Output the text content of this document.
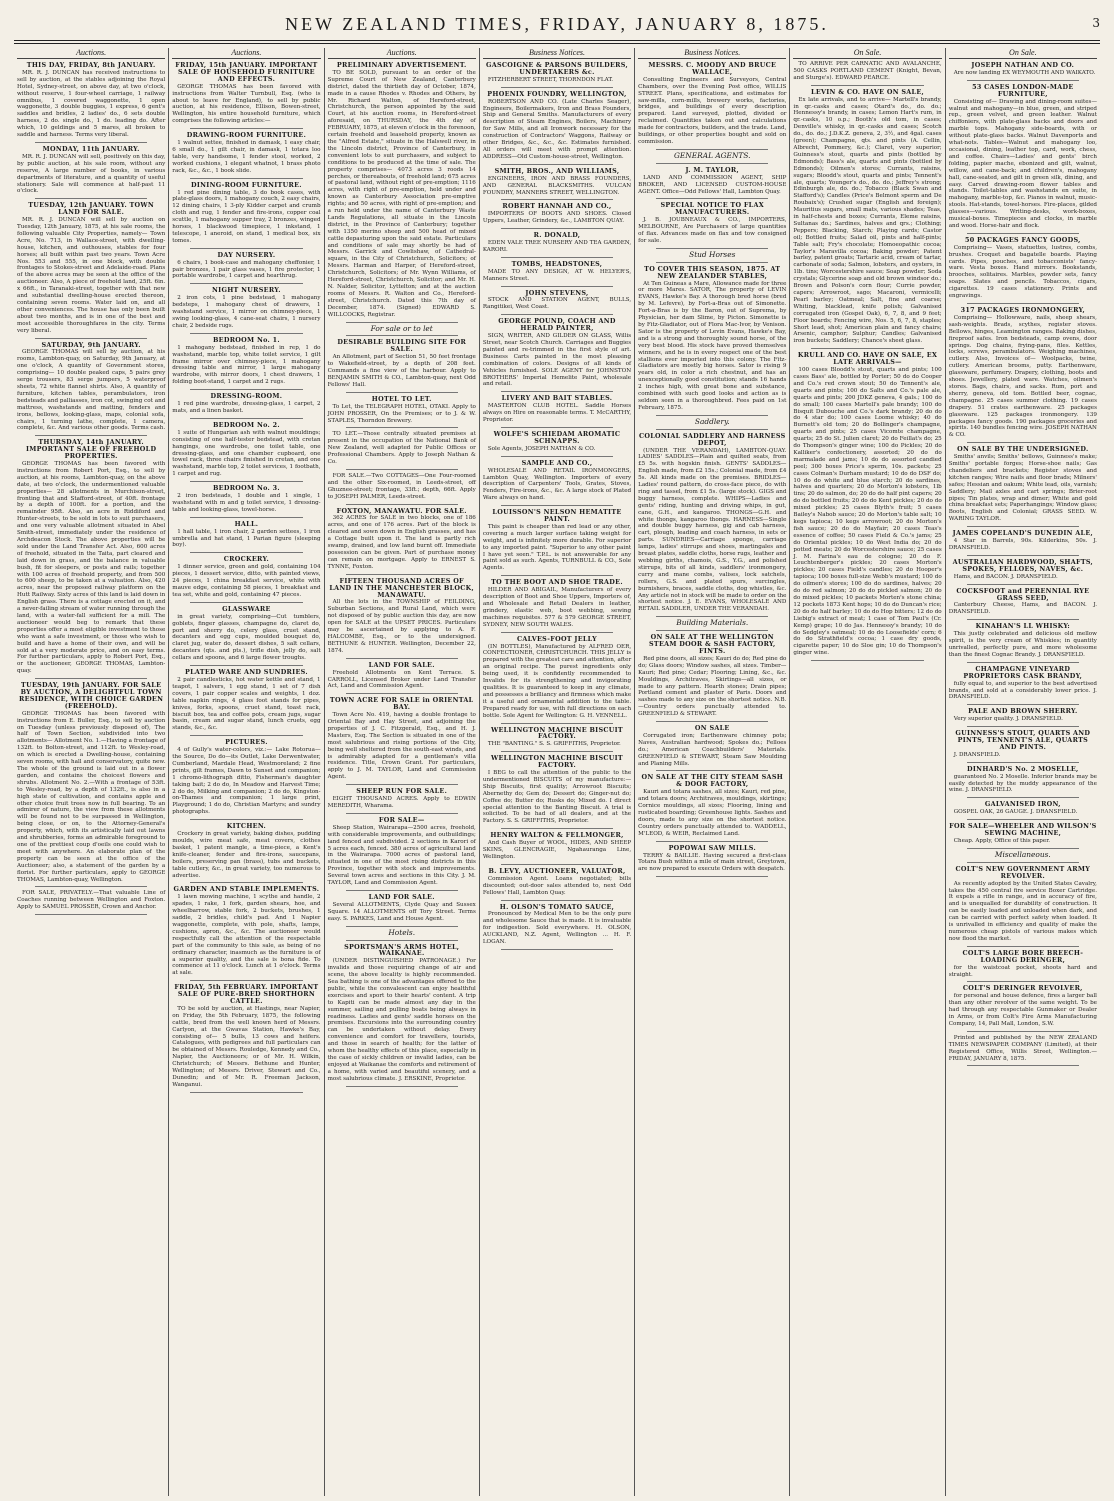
NEW ZEALAND TIMES, FRIDAY, JANUARY 8, 1875.	3
Auctions.
THIS DAY, FRIDAY, 8th JANUARY.
MR. R. J. DUNCAN has received instructions to sell by auction, at the stables adjoining the Royal Hotel, Sydney-street, on above day, at two o'clock, without reserve, 1 four-wheel carriage, 1 railway omnibus, 1 covered waggonette, 1 open waggonette, 3 double buggies, 1 express, 6 gent's saddles and bridles, 2 ladies' do., 6 sets double harness, 2 do. single do., 1 do. leading do. After which, 10 geldings and 5 mares, all broken to saddle and harness. Terms very liberal.
MONDAY, 11th JANUARY.
MR. R. J. DUNCAN will sell, positively on this day, by public auction, at his sale room, without any reserve, A large number of books, in various departments of literature, and a quantity of useful stationery. Sale will commence at half-past 11 o'clock.
TUESDAY, 12th JANUARY. TOWN LAND FOR SALE.
MR. R. J. DUNCAN will sell by auction on Tuesday, 12th January, 1875, at his sale rooms, the following valuable City Properties, namely— Town Acre, No. 713, in Wallace-street, with dwelling-house, kitchen, and outhouses, stables for four horses; all built within past two years. Town Acre Nos. 553 and 555, in one block, with double frontages to Stokes-street and Adelaide-road. Plans of the above acres may be seen at the office of the auctioneer. Also, A piece of freehold land, 25ft. 6in. x 66ft., in Taranaki-street, together with that new and substantial dwelling-house erected thereon, containing seven rooms. Water laid on, and all other conveniences. The house has only been built about two months, and is in one of the best and most accessible thoroughfares in the city. Terms very liberal.
SATURDAY, 9th JANUARY.
GEORGE THOMAS will sell by auction, at his rooms, Lambton-quay, on Saturday, 9th January, at one o'clock, A quantity of Government stores, comprising— 10 double peaked caps, 5 pairs grey serge trousers, 83 serge jumpers, 5 waterproof sheets, 72 white flannel shirts. Also, A quantity of furniture, kitchen tables, perambulators, iron bedsteads and palliasses, iron cot, swinging cot and mattress, washstands and matting, fenders and irons, bellows, looking-glass, maps, colonial sofa, chairs, 1 turning lathe, complete, 1 camera, complete, &c. And various other goods. Terms cash.
THURSDAY, 14th JANUARY. IMPORTANT SALE OF FREEHOLD PROPERTIES.
GEORGE THOMAS has been favored with instructions from Robert Port, Esq., to sell by auction, at his rooms, Lambton-quay, on the above date, at two o'clock, the undermentioned valuable properties— 28 allotments in Murchison-street, fronting that and Stafford-street, of 40ft. frontage by a depth of 100ft. for a portion, and the remainder 95ft. Also, an acre in Riddiford and Hunter-streets, to be sold in lots to suit purchasers, and one very valuable allotment situated in Abel Smith-street, immediately under the residence of Archdeacon Stock. The above properties will be sold under the Land Transfer Act. Also, 600 acres of freehold, situated in the Taita, part cleared and laid down in grass, and the balance in valuable bush, fit for sleepers, or posts and rails; together with 100 acres of freehold property, and from 500 to 600 sheep, to be taken at a valuation. Also, 420 acres, near the proposed railway platform on the Hutt Railway. Sixty acres of this land is laid down in English grass. There is a cottage erected on it, and a never-failing stream of water running through the land, with a water-fall sufficient for a mill. The auctioneer would beg to remark that these properties offer a most eligible investment to those who want a safe investment, or those who wish to build and have a home of their own, and will be sold at a very moderate price, and on easy terms. For further particulars, apply to Robert Port, Esq., or the auctioneer, GEORGE THOMAS, Lambton-quay.
TUESDAY, 19th JANUARY. FOR SALE BY AUCTION, A DELIGHTFUL TOWN RESIDENCE, WITH CHOICE GARDEN (FREEHOLD).
GEORGE THOMAS has been favored with instructions from E. Buller, Esq., to sell by auction on Tuesday (unless previously disposed of), The half of Town Section, subdivided into two allotments— Allotment No. 1.—Having a frontage of 132ft. to Bolton-street, and 112ft. to Wesley-road, on which is erected a Dwelling-house, containing seven rooms, with hall and conservatory, quite new. The whole of the ground is laid out in a flower garden, and contains the choicest flowers and shrubs. Allotment No. 2.—With a frontage of 53ft. to Wesley-road, by a depth of 132ft., is also in a high state of cultivation, and contains apple and other choice fruit trees now in full bearing. To an admirer of nature, the view from these allotments will be found not to be surpassed in Wellington, being close, or on, to the Attorney-General's property, which, with its artistically laid out lawns and shrubberies, forms an admirable foreground to one of the prettiest coup d'oeils one could wish to meet with anywhere. An elaborate plan of the property can be seen at the office of the Auctioneer; also, a statement of the garden by a florist. For further particulars, apply to GEORGE THOMAS, Lambton-quay, Wellington.
FOR SALE, PRIVATELY.—That valuable Line of Coaches running between Wellington and Foxton. Apply to SAMUEL PROSSER, Crown and Anchor.
Auctions.
FRIDAY, 15th JANUARY. IMPORTANT SALE OF HOUSEHOLD FURNITURE AND EFFECTS.
GEORGE THOMAS has been favored with instructions from Walter Turnbull, Esq. (who is about to leave for England), to sell by public auction, at his residence, Ellison, Bowen-street, Wellington, his entire household furniture, which comprises the following articles:—
DRAWING-ROOM FURNITURE.
1 walnut settee, finished in damask, 1 easy chair, 6 small do., 1 gilt chair, in damask, 1 totara loo table, very handsome, 1 fender stool, worked, 2 worked cushions, 1 elegant whatnot, 1 brass photo rack, &c., &c., 1 book slide.
DINING-ROOM FURNITURE.
1 red pine dining table, 3 do book cases, with plate-glass doors, 1 mahogany couch, 2 easy chairs, 12 dining chairs, 1 3-ply Kidder carpet and crumb cloth and rug, 1 fender and fire-irons, copper coal scuttle, 1 mahogany supper tray, 2 bronzes, winged horses, 1 blackwood timepiece, 1 inkstand, 1 telescope, 1 aneroid, on stand, 1 medical box, six tomes.
DAY NURSERY.
6 chairs, 1 book-case and mahogany cheffonier, 1 pair bronzes, 1 pair glass vases, 1 fire protector, 1 portable wardrobe, 1 carpet and hearthrug.
NIGHT NURSERY.
2 iron cots, 1 pine bedstead, 1 mahogany bedsteps, 1 mahogany chest of drawers, 1 washstand service, 1 mirror on chimney-piece, 1 swing looking-glass, 4 cane-seat chairs, 1 nursery chair, 2 bedside rugs.
BEDROOM No. 1.
1 mahogany bedstead, finished in rep, 1 do washstand, marble top, white toilet service, 1 gilt frame mirror over chimney-piece, 1 mahogany dressing table and mirror, 1 large mahogany wardrobe, with mirror doors, 1 chest drawers, 1 folding boot-stand, 1 carpet and 2 rugs.
DRESSING-ROOM.
1 red pine wardrobe, dressing-glass, 1 carpet, 2 mats, and a linen basket.
BEDROOM No. 2.
1 suite of Hungarian ash with walnut mouldings; consisting of one half-tester bedstead, with cretan hangings, one wardrobe, one toilet table, one dressing-glass, and one chamber cupboard, one towel rack, three chairs finished in cretan, and one washstand, marble top, 2 toilet services, 1 footbath, 1 carpet and rug.
BEDROOM No. 3.
2 iron bedsteads, 1 double and 1 single, 1 washstand with m and g toilet service, 1 dressing-table and looking-glass, towel-horse.
HALL.
1 hall table, 1 iron chair, 2 garden settees, 1 iron umbrella and hat stand, 1 Parian figure (sleeping boy).
CROCKERY.
1 dinner service, green and gold, containing 104 pieces, 1 dessert service, ditto, with painted views, 24 pieces, 1 china breakfast service, white with mauve edge, containing 58 pieces, 1 breakfast and tea set, white and gold, containing 47 pieces.
GLASSWARE
in great variety, comprising—Cut tumblers, goblets, finger glasses, champagne do, claret do, port and sherry do, celery glass, cruet stand, decanters and egg cups, moulded bouquet do, claret jug, water do, dessert dishes, 5 salt cellars, decanters (qts. and pts.), trifle dish, jelly do, salt cellars and spoons, and 6 large flower troughs.
PLATED WARE AND SUNDRIES.
2 pair candlesticks, hot water kettle and stand, 1 teapot, 1 salvers, 1 egg stand, 1 set of 7 dish covers, 1 pair copper scales and weights, 1 doz. table napkin rings, 4 glass foot stands for pipes, knives, forks, spoons, cruet stand, toast rack, biscuit box, tea and coffee pots, cream jugs, sugar basin, cream and sugar stand, lunch cruets, egg stands, &c., &c.
PICTURES.
4 of Gully's water-colors, viz.:— Lake Rotorua—the Source, Do do—its Outlet, Lake Derwentwater, Cumberland, Mardale Head, Westmoreland; 2 fine prints, gilt frames, Dawn to Sunset and companion; 1 chromo-lithograph ditto, Fisherman's daughter taking bait; 2 do do, In Meadow and Harvest Time; 2 do do, Milking and companion; 2 do do, Kingston-on-Thames and companion; 1 large print, Playground; 1 do do, Christian Martyrs; and sundry photographs.
KITCHEN.
Crockery in great variety, baking dishes, pudding moulds, wire meat safe, meat covers, clothes basket, 1 patent mangle, a time-piece, a Kent's knife-cleaner, fender and fire-irons, saucepans, boilers, preserving pan (brass), tubs and buckets, table cutlery, &c., in great variety, too numerous to advertise.
GARDEN AND STABLE IMPLEMENTS.
1 lawn mowing machine, 1 scythe and handle, 2 spades, 1 rake, 1 fork, garden shears, hoe, and wheelbarrow, stable fork, 2 buckets, brushes, 1 saddle, 2 bridles, child's pad. And 1 Napier waggonette, complete, with pole, shafts, lamps, cushions, apron, &c., &c. The auctioneer would respectfully call the attention of the respectable part of the community to this sale, as being of no ordinary character, inasmuch as the furniture is of a superior quality, and the sale is bona fide. To commence at 11 o'clock. Lunch at 1 o'clock. Terms at sale.
FRIDAY, 5th FEBRUARY. IMPORTANT SALE OF PURE-BRED SHORTHORN CATTLE.
TO be sold by auction, at Hastings, near Napier, on Friday, the 5th February, 1875, the following cattle, bred from the well known herd of Messrs. Carlyon, at the Gwavas Station, Hawke's Bay, consisting of— 5 bulls, 13 cows and heifers. Catalogues, with pedigrees and full particulars can be obtained of Messrs. Rouledge, Kennedy and Co., Napier, the Auctioneers; or of Mr. H. Wilkin, Christchurch; of Messrs. Bethune and Hunter, Wellington; of Messrs. Driver, Stewart and Co., Dunedin; and of Mr. R. Freeman Jackson, Wanganui.
Auctions.
PRELIMINARY ADVERTISEMENT.
TO BE SOLD, pursuant to an order of the Supreme Court of New Zealand, Canterbury district, dated the thirtieth day of October, 1874, made in a cause Rhodes v. Rhodes and Others, by Mr. Richard Walton, of Hereford-street, Christchurch, the person appointed by the said Court, at his auction rooms, in Hereford-street aforesaid, on THURSDAY, the 4th day of FEBRUARY, 1875, at eleven o'clock in the forenoon, certain freehold and leasehold property, known as the "Alfred Estate," situate in the Halswell river, in the Lincoln district, Province of Canterbury, in convenient lots to suit purchasers, and subject to conditions to be produced at the time of sale. The property comprises— 4073 acres 3 roods 14 perches, or thereabouts, of freehold land; 675 acres of pastoral land, without right of pre-emption; 1116 acres, with right of pre-emption, held under and known as Canterbury Association pre-emptive rights; and 50 acres, with right of pre-emption; and a run held under the name of Canterbury Waste Lands Regulations, all situate in the Lincoln district, in the Province of Canterbury; together with 1350 merino sheep and 500 head of mixed cattle depasturing upon the said estate. Particulars and conditions of sale may shortly be had of Messrs. Garrick and Cowlishaw, of Cathedral-square, in the City of Christchurch, Solicitors; of Messrs. Harman and Harper, of Hereford-street, Christchurch, Solicitors; of Mr. Wynn Williams, of Hereford-street, Christchurch, Solicitor; and Mr. H. N. Nalder, Solicitor, Lyttelton; and at the auction rooms of Messrs. R. Walton and Co., Hereford-street, Christchurch. Dated this 7th day of December, 1874. (Signed) EDWARD S. WILLCOCKS, Registrar.
For sale or to let
DESIRABLE BUILDING SITE FOR SALE.
An Allotment, part of Section 51, 50 feet frontage to Wakefield-street, by a depth of 208 feet. Commands a fine view of the harbour. Apply to BENJAMIN SMITH & CO., Lambton-quay, next Odd Fellows' Hall.
HOTEL TO LET.
To Let, the TELEGRAPH HOTEL, OTAKI. Apply to JOHN PROSSER, On the Premises; or to J. & W. STAPLES, Thorndon Brewery.
TO LET.—Those centrally situated premises at present in the occupation of the National Bank of New Zealand, well adapted for Public Offices or Professional Chambers. Apply to Joseph Nathan & Co.
FOR SALE.—Two COTTAGES—One Four-roomed and the other Six-roomed, in Leeds-street, off Ghuznee-street; frontage, 33ft.; depth, 66ft. Apply to JOSEPH PALMER, Leeds-street.
FOXTON, MANAWATU. FOR SALE.
362 ACRES for SALE in two blocks, one of 186 acres, and one of 176 acres. Part of the block is cleared and sown down in English grasses, and has a Cottage built upon it. The land is partly rich swamp, drained, and low land burnt off. Immediate possession can be given. Part of purchase money can remain on mortgage. Apply to ERNEST S. TYNNE, Foxton.
FIFTEEN THOUSAND ACRES OF LAND IN THE MANCHESTER BLOCK, MANAWATU.
All the lots in the TOWNSHIP of FEILDING, Suburban Sections, and Rural Land, which were not disposed of by public auction this day, are now open for SALE at the UPSET PRICES. Particulars may be ascertained by applying to A. F. HALCOMBE, Esq., or to the undersigned. BETHUNE & HUNTER. Wellington, December 22, 1874.
LAND FOR SALE.
Freehold Allotments on Kent Terrace. S. CARROLL, Licensed Broker under Land Transfer Act, Land and Commission Agent.
TOWN ACRE FOR SALE in ORIENTAL BAY.
Town Acre No. 419, having a double frontage to Oriental Bay and Hay Street, and adjoining the properties of J. C. Fitzgerald, Esq., and H. J. Masters, Esq. The Section is situated in one of the most salubrious and rising portions of the City, being well sheltered from the south-east winds, and is admirably adapted for a gentleman's villa residence. Title, Crown Grant. For particulars, apply to J. M. TAYLOR, Land and Commission Agent.
SHEEP RUN FOR SALE.
EIGHT THOUSAND ACRES. Apply to EDWIN MEREDITH, Wharama.
FOR SALE—
Sheep Station, Wairarapa—2500 acres, freehold, with considerable improvements, and outbuildings; land fenced and subdivided. 2 sections in Karori of 5 acres each, fenced. 380 acres of agricultural land in the Wairarapa. 7000 acres of pastoral land, situated in one of the most rising districts in this Province, together with stock and improvements. Several town acres and sections in this City. J. M. TAYLOR, Land and Commission Agent.
LAND FOR SALE.
Several ALLOTMENTS, Clyde Quay and Sussex Square. 14 ALLOTMENTS off Tory Street. Terms easy. S. PARKES, Land and House Agent.
Hotels.
SPORTSMAN'S ARMS HOTEL, WAIKANAE.
(UNDER DISTINGUISHED PATRONAGE.) For invalids and those requiring change of air and scene, the above locality is highly recommended. Sea bathing is one of the advantages offered to the public, while the convalescent can enjoy healthful exercises and sport to their hearts' content. A trip to Kapiti can be made almost any day in the summer, sailing and pulling boats being always in readiness. Ladies and gents' saddle horses on the premises. Excursions into the surrounding country can be undertaken without delay. Every convenience and comfort for travellers, tourists, and those in search of health; for the latter of whom the healthy effects of this place, especially in the case of sickly children or invalid ladies, can be enjoyed at Waikanae the comforts and retirement of a home, with varied and beautiful scenery, and a most salubrious climate. J. ERSKINE, Proprietor.
Business Notices.
GASCOIGNE & PARSONS BUILDERS, UNDERTAKERS &c.
FITZHERBERT STREET, THORNDON FLAT.
PHOENIX FOUNDRY, WELLINGTON,
ROBERTSON AND CO. (Late Charles Seager), Engineers, Boilermakers, Iron and Brass Founders, Ship and General Smiths. Manufacturers of every description of Steam Engines, Boilers, Machinery for Saw Mills, and all Ironwork necessary for the construction of Contractors' Waggons, Railway or other Bridges, &c., &c., &c. Estimates furnished. All orders will meet with prompt attention. ADDRESS—Old Custom-house-street, Wellington.
SMITH, BROS., AND WILLIAMS,
ENGINEERS, IRON AND BRASS FOUNDERS, AND GENERAL BLACKSMITHS. VULCAN FOUNDRY, MANNERS STREET, WELLINGTON.
ROBERT HANNAH AND CO.,
IMPORTERS OF BOOTS AND SHOES. Closed Uppers, Leather, Grindery, &c., LAMBTON QUAY.
R. DONALD,
EDEN VALE TREE NURSERY AND TEA GARDEN, KARORI.
TOMBS, HEADSTONES,
MADE TO ANY DESIGN, AT W. HELYER'S, Manners Street.
JOHN STEVENS,
STOCK AND STATION AGENT, BULLS, Rangitikei, West Coast.
GEORGE POUND, COACH AND HERALD PAINTER,
SIGN, WRITER, AND GILDER ON GLASS, Willis Street, near Scotch Church. Carriages and Buggies painted and re-trimmed in the first style of art. Business Carts painted in the most pleasing combination of colors. Designs of all kinds of Vehicles furnished. SOLE AGENT for JOHNSTON BROTHERS' Imperial Hemelite Paint, wholesale and retail.
LIVERY AND BAIT STABLES.
MASTERTON CLUB HOTEL. Saddle Horses always on Hire on reasonable terms. T. McCARTHY, Proprietor.
WOLFE'S SCHIEDAM AROMATIC SCHNAPPS.
Sole Agents, JOSEPH NATHAN & CO.
SAMPLE AND CO.,
WHOLESALE AND RETAIL IRONMONGERS, Lambton Quay, Wellington. Importers of every description of Carpenters' Tools, Grates, Stoves, Fenders, Fire-irons, &c., &c. A large stock of Plated Ware always on hand.
LOUISSON'S NELSON HEMATITE PAINT.
This paint is cheaper than red lead or any other, covering a much larger surface taking weight for weight, and is infinitely more durable. For superior to any imported paint. "Superior to any other paint I have yet seen." T.P.L. is not answerable for any paint sold as such. Agents, TURNBULL & CO., Sole Agents.
TO THE BOOT AND SHOE TRADE.
HILDER AND ABIGAIL, Manufacturers of every description of Boot and Shoe Uppers, Importers of, and Wholesale and Retail Dealers in leather, grindery, elastic web, boot webbing, sewing machines requisites. 577 & 579 GEORGE STREET, SYDNEY, NEW SOUTH WALES.
CALVES-FOOT JELLY
(IN BOTTLES), Manufactured by ALFRED OER, CONFECTIONER, CHRISTCHURCH. THIS JELLY is prepared with the greatest care and attention, after an original recipe. The purest ingredients only being used, it is confidently recommended to Invalids for its strengthening and invigorating qualities. It is guaranteed to keep in any climate, and possesses a brilliancy and firmness which make it a useful and ornamental addition to the table. Prepared ready for use, with full directions on each bottle. Sole Agent for Wellington: G. H. VENNELL.
WELLINGTON MACHINE BISCUIT FACTORY.
THE "BANTING." S. S. GRIFFITHS, Proprietor.
WELLINGTON MACHINE BISCUIT FACTORY.
I BEG to call the attention of the public to the undermentioned BISCUITS of my manufacture:— Ship Biscuits, first quality; Arrowroot Biscuits; Abernethy do; Gem do; Dessert do; Ginger-nut do; Coffee do; Butter do; Rusks do; Mixed do. I direct special attention to the Banting Biscuit. A trial is solicited. To be had of all dealers, and at the Factory. S. S. GRIFFITHS, Proprietor.
HENRY WALTON & FELLMONGER,
And Cash Buyer of WOOL, HIDES, AND SHEEP SKINS, GLENCRAGIE, Ngahauranga Line, Wellington.
B. LEVY, AUCTIONEER, VALUATOR,
Commission Agent. Loans negotiated; bills discounted; out-door sales attended to, next Odd Fellows' Hall, Lambton Quay.
H. OLSON'S TOMATO SAUCE,
Pronounced by Medical Men to be the only pure and wholesome Sauce that is made. It is invaluable for indigestion. Sold everywhere. H. OLSON, AUCKLAND, N.Z. Agent, Wellington ... H. F. LOGAN.
Business Notices.
MESSRS. C. MOODY AND BRUCE WALLACE,
Consulting Engineers and Surveyors, Central Chambers, over the Evening Post office, WILLIS STREET. Plans, specifications, and estimates for saw-mills, corn-mills, brewery works, factories, bridges, and buildings of every description prepared. Land surveyed, plotted, divided or reclaimed. Quantities taken out and calculations made for contractors, builders, and the trade. Land, buildings, or other properties bought and sold on commission.
GENERAL AGENTS.
J. M. TAYLOR,
LAND AND COMMISSION AGENT, SHIP BROKER, AND LICENSED CUSTOM-HOUSE AGENT. Office—Odd Fellows' Hall, Lambton Quay.
SPECIAL NOTICE TO FLAX MANUFACTURERS.
J. B. JOUBNEAUX & CO., IMPORTERS, MELBOURNE, Are Purchasers of large quantities of flax. Advances made on flax and tow consigned for sale.
Stud Horses
TO COVER THIS SEASON, 1875. AT NEW ZEALANDER STABLES,
At Ten Guineas a Mare, Allowance made for three or more Mares. SATOR, The property of LEVIN EVANS, Hawke's Bay. A thorough bred horse (bred by M. Lefevre), by Fort-a-Bras out of Simonette. Fort-a-Bras is by the Baron, out of Suprema, by Physician, her dam Slime, by Picton. Simonette is by Fitz-Gladiator, out of Flora Mac-Ivor, by Venison. Sator is the property of Levin Evans, Hawke's Bay, and is a strong and thoroughly sound horse, of the very best blood. His stock have proved themselves winners, and he is in every respect one of the best stallions ever imported into this colony. The Fitz-Gladiators are mostly big horses. Sator is rising 9 years old, in color a rich chestnut, and has an unexceptionally good constitution; stands 16 hands 2 inches high, with great bone and substance, combined with such good looks and action as is seldom seen in a thoroughbred. Fees paid on 1st February, 1875.
Saddlery.
COLONIAL SADDLERY AND HARNESS DEPOT,
(UNDER THE VERANDAH), LAMBTON-QUAY. LADIES' SADDLES—Plain and quilted seats, from £5 5s. with hogskin finish. GENTS' SADDLES—English made, from £2 15s.; Colonial made, from £4 5s. All kinds made on the premises. BRIDLES—Ladies' round pattern, do cross-face piece, do with ring and tassel, from £1 5s. (large stock). GIGS and buggy harness, complete. WHIPS—Ladies and gents' riding, hunting and driving whips, in gut, cane, G.H., and kangaroo. THONGS—G.H. and white thongs, kangaroo thongs. HARNESS—Single and double buggy harness, gig and cab harness, cart, plough, leading and coach harness, in sets or parts. SUNDRIES—Carriage sponge, carriage lamps, ladies' stirrups and shoes, martingales and breast plates, saddle cloths, horse rugs, leather and webbing girths, chamois, G.S., Y.G., and polished stirrups, bits of all kinds, saddlers' ironmongery, curry and mane combs, valises, lock satchels, rollers, G.S. and plated spurs, surcingles, burnishers, braces, saddle cloths, dog whistles, &c. Any article not in stock will be made to order on the shortest notice. J. E. EVANS, WHOLESALE AND RETAIL SADDLER, UNDER THE VERANDAH.
Building Materials.
ON SALE AT THE WELLINGTON STEAM DOOR & SASH FACTORY, FINTS.
Red pine doors, all sizes; Kauri do do; Red pine do do; Glass doors; Window sashes, all sizes. Timber— Kauri; Red pine; Cedar; Flooring; Lining, &c., &c. Mouldings, Architraves, Skirtings—all sizes, or made to any pattern. Hearth stones; Drain pipes; Portland cement and plaster of Paris. Doors and sashes made to any size on the shortest notice. N.B.—Country orders punctually attended to. GREENFIELD & STEWART.
ON SALE
Corrugated iron; Earthenware chimney pots; Naves, Australian hardwood; Spokes do.; Felloes do.; American Coachbuilders' Materials. GREENFIELD & STEWART, Steam Saw Moulding and Planing Mills.
ON SALE AT THE CITY STEAM SASH & DOOR FACTORY,
Kauri and totara sashes, all sizes; Kauri, red pine, and totara doors; Architraves, mouldings, skirtings; Cornice mouldings, all sizes; Flooring, lining and rusticated boarding; Greenhouse lights. Sashes and doors, made to any size on the shortest notice. Country orders punctually attended to. WADDELL, M'LEOD, & WEIR, Reclaimed Land.
POPOWAI SAW MILLS.
TERRY & BAILLIE. Having secured a first-class Totara Bush within a mile of main street, Greytown, are now prepared to execute Orders with despatch.
On Sale.
TO ARRIVE PER CARNATIC AND AVALANCHE, 500 CASKS PORTLAND CEMENT (Knight, Bevan, and Sturge's). EDWARD PEARCE.
LEVIN & CO. HAVE ON SALE,
Ex late arrivals, and to arrive— Martell's brandy, in qr.-casks and cases; Otard's do., do. do.; Hennessy's brandy, in cases; Lemon Hart's rum, in qr.-casks, 10 o.p.; Booth's old tom, in cases; Denville's whisky, in qr.-casks and cases; Scotch do., do. do.; J.D.K.Z. geneva, 2, 3½, and 4gal. cases (green); Champagne, qts. and pints (A. Cellin, Albrecht, Pommery, &c.); Claret, very superior; Guinness's stout, quarts and pints (bottled by Edmonds); Bass's ale, quarts and pints (bottled by Edmonds); Oilmen's stores; Currants, raisins, sugars; Bloodd's stout, quarts and pints; Tennent's ale, quarts; Younger's do., do. do.; Jeffrey's strong; Edinburgh ale, do. do.; Tobacco (Black Swan and Stafford's); Candles (Price's Belmont sperm and De Roubaix's); Crushed sugar (English and foreign); Mauritius sugars, small mats, various shades; Teas, in half-chests and boxes; Currants, Eleme raisins, Sultanas do.; Sardines, halves and qrs.; Clothing; Peppers; Blacking, Starch; Playing cards; Castor oil; Bottled fruits; Salad oil, pints and half-pints; Table salt; Fry's chocolate; Homoeopathic cocoa; Taylor's Maravilla cocoa; Baking powder; Patent barley, patent groats; Tartaric acid, cream of tartar, carbonate of soda; Salmon, lobsters, and oysters, in 1lb. tins; Worcestershire sauce; Soap powder; Soda crystals; Glycerine soap and old brown windsor do.; Brown and Polson's corn flour; Currie powder, capers; Arrowroot, sago; Macaroni, vermicelli; Pearl barley; Oatmeal; Salt, fine and coarse; Whiting, blacklead, knife polish; Galvanised corrugated iron (Gospel Oak), 6, 7, 8, and 9 feet; Floor boards; Fencing wire, Nos. 5, 6, 7, 8, staples; Short lead, shot; American plain and fancy chairs; Arsenic, camphor; Sulphur; Candles; Galvanised iron buckets; Saddlery; Chance's sheet glass.
KRULL AND CO. HAVE ON SALE, EX LATE ARRIVALS—
100 cases Bloodd's stout, quarts and pints; 100 cases Bass' ale, bottled by Porter; 50 do do Cooper and Co.'s red crown stout; 50 do Tennent's ale, quarts and pints; 100 do Salts and Co.'s pale ale, quarts and pints; 200 JDKZ geneva, 4 gals.; 100 do do small; 100 cases Martell's pale brandy; 100 do Bisquit Dubouche and Co.'s dark brandy; 20 do do do 4 star do; 100 cases Loome whisky; 40 do Burnett's old tom; 20 do Bollinger's champagne, quarts and pints; 25 cases Vicomte champagne, quarts; 25 do St. Julien claret; 20 do Feillat's do; 25 do Thompson's ginger wine; 100 do Pickles; 20 do Kalliker's confectionery, assorted; 20 do do marmalade and jams; 10 do do assorted candied peel; 300 boxes Price's sperm, 10s. packets; 25 cases Colman's Durham mustard; 10 do do DSF do; 10 do do white and blue starch; 20 do sardines, halves and quarters; 20 do Morton's lobsters, 1lb tins; 20 do salmon, do; 20 do do half pint capers; 20 do do bottled fruits; 20 do do Kent pickles; 20 do do mixed pickles; 25 cases Blyth's fruit; 5 cases Bailey's Nabob sauce; 20 do Morton's table salt; 10 kegs tapioca; 10 kegs arrowroot; 20 do Morton's fish sauce; 20 do do Mayfair; 20 cases Teas's essence of coffee; 50 cases Field & Co.'s jams; 25 do Oriental pickles; 10 do West India do; 20 do potted meats; 20 do Worcestershire sauce; 25 cases J. M. Farina's eau de cologne; 20 do F. Leuchtenberger's pickles; 20 cases Morton's pickles; 20 cases Field's candles; 20 do Hooper's tapioca; 100 boxes full-size Webb's mustard; 100 do do oilmen's stores; 100 do do sardines, halves; 20 do do red salmon; 20 do do pickled salmon; 20 do do mixed pickles; 10 packets Morten's stone china; 12 pockets 1873 Kent hops; 10 do do Duncan's rice; 20 do do half barley; 10 do do Hop bitters; 12 do do Liebig's extract of meat; 1 case of Tom Paul's (Cr. Kemp) grape; 10 do Jas. Hennessy's brandy; 10 do do Sedgley's oatmeal; 10 do do Loosefields' corn; 6 do do Strathfield's cocoa; 1 case dry goods, cigarette paper; 10 do Sloe gin; 10 do Thompson's ginger wine.
On Sale.
JOSEPH NATHAN AND CO.
Are now landing EX WEYMOUTH AND WAIKATO.
53 CASES LONDON-MADE FURNITURE,
Consisting of— Drawing and dining-room suites—walnut and mahogany—in blue, green, and striped rep., green velvet, and green leather. Walnut chiffoniers, with plate-glass backs and doors and marble tops. Mahogany side-boards, with or without plate-glass backs. Walnut Davenports and what-nots. Tables—Walnut and mahogany loo, occasional, dining, leather top, card, work, chess, and coffee. Chairs—Ladies' and gents' birch folding, papier mache, ebonized and gilt, walnut, willow, and cane-back; and children's, mahogany hall, cane-seated, and gilt in green silk, dining, and easy. Carved drawing-room flower tables and stands. Toilet-tables and washstands en suite, in mahogany, marble-top, &c. Pianos in walnut, music-stools. Hat-stands, towel-horses. Fire-places, gilded glasses—various. Writing-desks, work-boxes, musical-boxes. Timepieces and clocks, in marble and wood. Horse-hair and flock.
50 PACKAGES FANCY GOODS,
Comprising— Vases, statuettes, lustres, combs, brushes. Croquet and bagatelle boards. Playing cards. Pipes, pouches, and tobacconists' fancy-ware. Vesta boxes. Hand mirrors. Bookstands, brooches, solitaires. Marbles, powder sets, fancy soaps. Slates and pencils. Tobaccos, cigars, cigarettes. 19 cases stationery. Prints and engravings.
317 PACKAGES IRONMONGERY,
Comprising— Hollowware, nails, sheep shears, sash-weights. Brads, scythes, register stoves. Bellows, hinges, Leamington ranges. Baking dishes, fireproof safes. Iron bedsteads, camp ovens, door springs. Dog chains, frying-pans, files. Kettles, locks, screws, perambulators. Weighing machines, cutlery. Also, Invoices of— Woolpacks, twine, cutlery. American brooms, putty. Earthenware, glassware, perfumery. Drapery, clothing, boots and shoes. Jewellery, plated ware. Watches, oilmen's stores. Bags, chairs, and sacks. Rum, port and sherry, geneva, old tom. Bottled beer, cognac, champagne. 25 cases summer clothing. 19 cases drapery. 51 crates earthenware. 25 packages glassware. 125 packages ironmongery. 139 packages fancy goods. 190 packages groceries and spirits. 140 bundles fencing wire. JOSEPH NATHAN & CO.
ON SALE BY THE UNDERSIGNED.
Smiths' anvils; Smiths' bellows, Guinness's make; Smiths' portable forges; Horse-shoe nails; Gas chandeliers and brackets; Register stoves and kitchen ranges; Wire nails and floor brads; Milners' safes; Hessian and oakum; White lead, oils, varnish; Saddlery; Mail axles and cart springs; Brier-root pipes; Tin plates, wrap and dimer; White and gold china breakfast sets; Paperhangings; Window glass; Boots, English and Colonial; GRASS SEED. W. WARING TAYLOR.
JAMES COPELAND'S DUNEDIN ALE,
4 Star in Barrels, 90s. Kilderkins, 50s. J. DRANSFIELD.
AUSTRALIAN HARDWOOD, SHAFTS, SPOKES, FELLOES, NAVES, &c.
Hams, and BACON. J. DRANSFIELD.
COCKSFOOT and PERENNIAL RYE GRASS SEED,
Canterbury Cheese, Hams, and BACON. J. DRANSFIELD.
KINAHAN'S LL WHISKY:
This justly celebrated and delicious old mellow spirit, is the very cream of Whiskies; in quantity unrivalled, perfectly pure, and more wholesome than the finest Cognac Brandy. J. DRANSFIELD.
CHAMPAGNE VINEYARD PROPRIETORS CASK BRANDY,
fully equal to, and superior to the best advertised brands, and sold at a considerably lower price. J. DRANSFIELD.
PALE AND BROWN SHERRY.
Very superior quality. J. DRANSFIELD.
GUINNESS'S STOUT, QUARTS AND PINTS, TENNENT'S ALE, QUARTS AND PINTS.
J. DRANSFIELD.
DINHARD'S No. 2 MOSELLE,
guaranteed No. 2 Moselle. Inferior brands may be easily detected by the muddy appearance of the wine. J. DRANSFIELD.
GALVANISED IRON,
GOSPEL OAK, 26 GAUGE. J. DRANSFIELD.
FOR SALE—WHEELER AND WILSON'S SEWING MACHINE,
Cheap. Apply, Office of this paper.
Miscellaneous.
COLT'S NEW GOVERNMENT ARMY REVOLVER.
As recently adopted by the United States Cavalry, takes the 450 central fire service Boxer Cartridge. It expels a rifle in range, and in accuracy of fire, and is unequalled for durability of construction. It can be easily loaded and unloaded when dark, and can be carried with perfect safety when loaded. It is unrivalled in efficiency and quality of make the numerous cheap pistols of various makes which now flood the market.
COLT'S LARGE BORE BREECH-LOADING DERINGER,
for the waistcoat pocket, shoots hard and straight.
COLT'S DERINGER REVOLVER,
for personal and house defence, fires a larger ball than any other revolver of the same weight. To be had through any respectable Gunmaker or Dealer in Arms, or from Colt's Fire Arms Manufacturing Company, 14, Pall Mall, London, S.W.
Printed and published by the NEW ZEALAND TIMES NEWSPAPER COMPANY (Limited), at their Registered Office, Willis Street, Wellington.—FRIDAY, JANUARY 8, 1875.
